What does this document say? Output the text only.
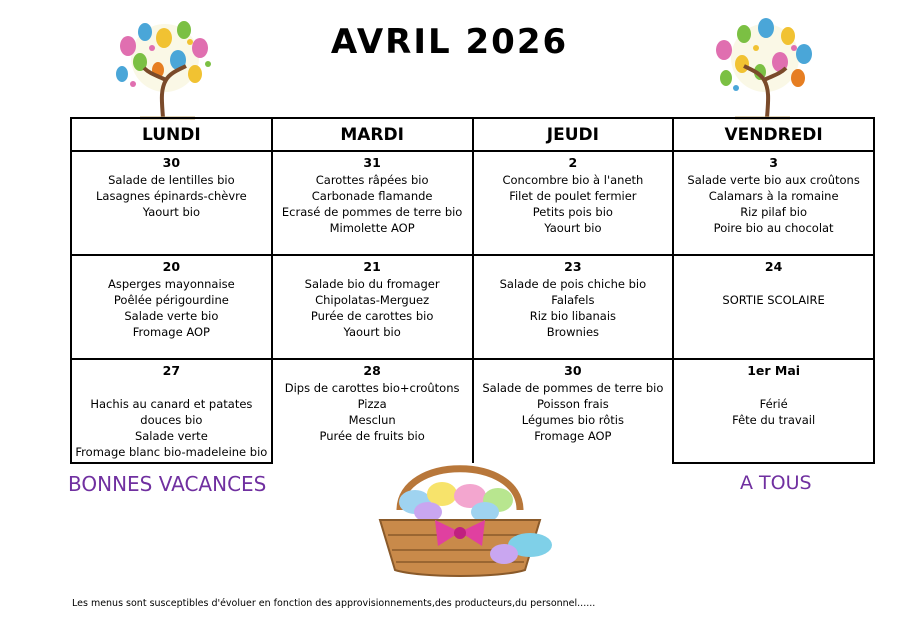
AVRIL 2026
LUNDI	MARDI	JEUDI	VENDREDI

30
Salade de lentilles bio
Lasagnes épinards-chèvre
Yaourt bio	31
Carottes râpées bio
Carbonade flamande
Ecrasé de pommes de terre bio
Mimolette AOP	2
Concombre bio à l'aneth
Filet de poulet fermier
Petits pois bio
Yaourt bio	3
Salade verte bio aux croûtons
Calamars à la romaine
Riz pilaf bio
Poire bio au chocolat

20
Asperges mayonnaise
Poêlée périgourdine
Salade verte bio
Fromage AOP	21
Salade bio du fromager
Chipolatas-Merguez
Purée de carottes bio
Yaourt bio	23
Salade de pois chiche bio
Falafels
Riz bio libanais
Brownies	24

SORTIE SCOLAIRE

27

Hachis au canard et patates
douces bio
Salade verte
Fromage blanc bio-madeleine bio	28
Dips de carottes bio+croûtons
Pizza
Mesclun
Purée de fruits bio	30
Salade de pommes de terre bio
Poisson frais
Légumes bio rôtis
Fromage AOP	1er Mai

Férié
Fête du travail
BONNES VACANCES	A TOUS
Les menus sont susceptibles d'évoluer en fonction des approvisionnements,des producteurs,du personnel......
